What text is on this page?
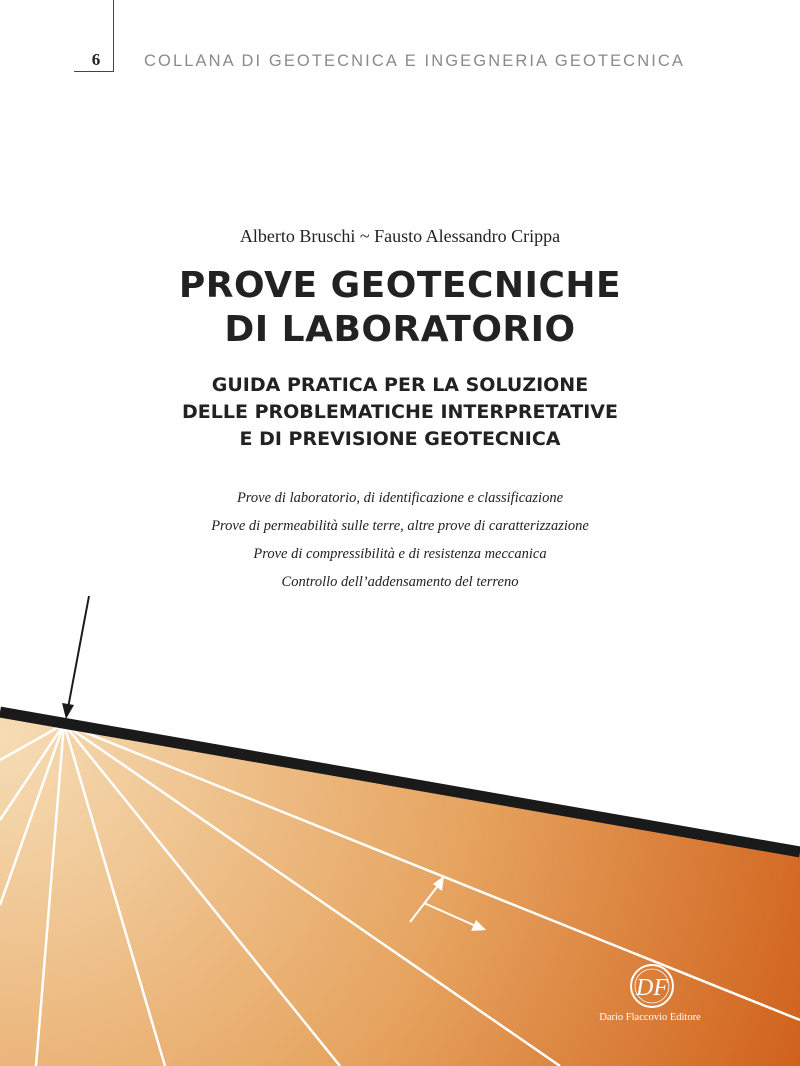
6	COLLANA DI GEOTECNICA E INGEGNERIA GEOTECNICA
Alberto Bruschi ~ Fausto Alessandro Crippa
PROVE GEOTECNICHE
DI LABORATORIO
GUIDA PRATICA PER LA SOLUZIONE
DELLE PROBLEMATICHE INTERPRETATIVE
E DI PREVISIONE GEOTECNICA
Prove di laboratorio, di identificazione e classificazione
Prove di permeabilità sulle terre, altre prove di caratterizzazione
Prove di compressibilità e di resistenza meccanica
Controllo dell’addensamento del terreno
DF
Dario Flaccovio Editore
